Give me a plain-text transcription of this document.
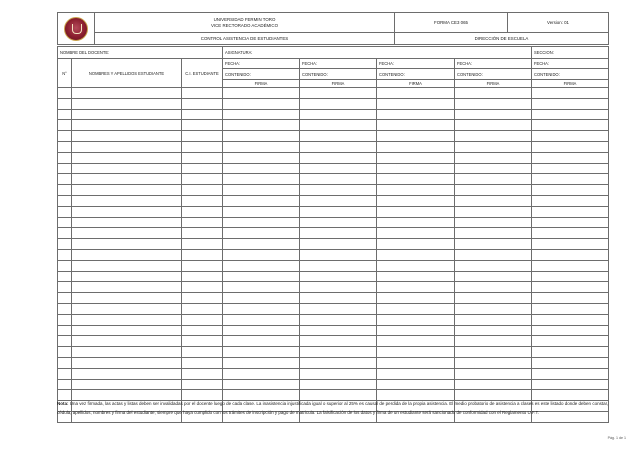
	UNIVERSIDAD FERMIN TORO
VICE RECTORADO ACADÉMICO	FORMA CE3 065	Version: 01
	CONTROL ASISTENCIA DE ESTUDIANTES	DIRECCIÓN DE ESCUELA	
NOMBRE DEL DOCENTE:			ASIGNATURA:				SECCION:
N°	NOMBRES Y APELLIDOS ESTUDIANTE	C.I. ESTUDIANTE	FECHA:	FECHA:	FECHA:	FECHA:	FECHA:
			CONTENIDO:	CONTENIDO:	CONTENIDO:	CONTENIDO:	CONTENIDO:
			FIRMA	FIRMA	FIRMA	FIRMA	FIRMA

Nota: Una vez firmada, las actas y listas deben ser invalidadas por el docente luego de cada clase. La inasistencia injustificada igual o superior al 25% es causal de perdida de la propia asistencia. El medio probatorio de asistencia a clases es este listado donde deben constar, cédula, apellidos, nombres y firma del estudiante, siempre que haya cumplido con los trámites de inscripción y pago de matricula. La falsificación de los datos y firma de un estudiante será sancionado de conformidad con el Reglamento U.F.T.
Pág. 1 de 1
